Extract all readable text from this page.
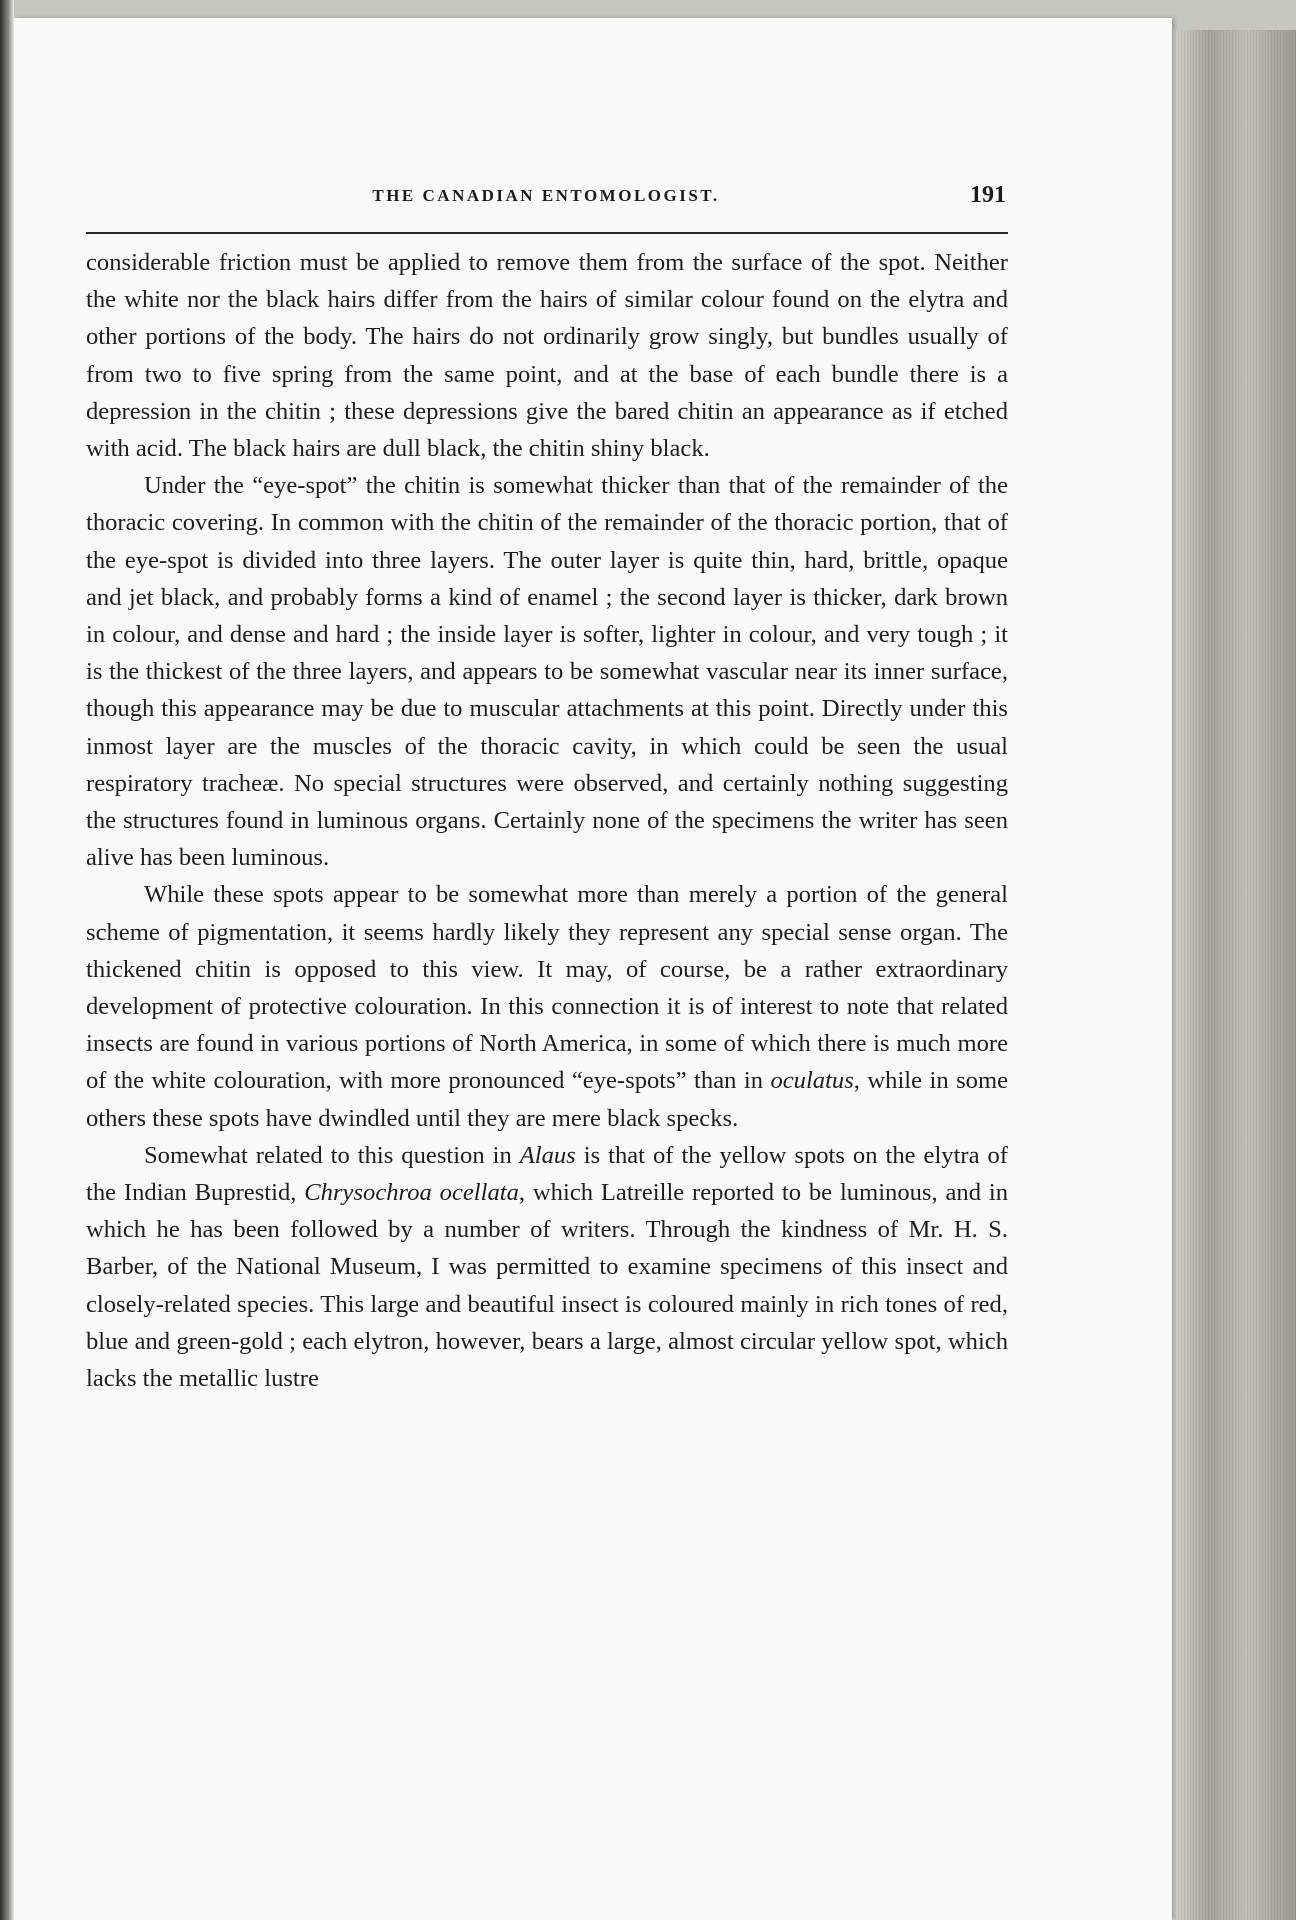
THE CANADIAN ENTOMOLOGIST.	191

considerable friction must be applied to remove them from the surface of the spot. Neither the white nor the black hairs differ from the hairs of similar colour found on the elytra and other portions of the body. The hairs do not ordinarily grow singly, but bundles usually of from two to five spring from the same point, and at the base of each bundle there is a depression in the chitin ; these depressions give the bared chitin an appearance as if etched with acid. The black hairs are dull black, the chitin shiny black.

Under the “eye-spot” the chitin is somewhat thicker than that of the remainder of the thoracic covering. In common with the chitin of the remainder of the thoracic portion, that of the eye-spot is divided into three layers. The outer layer is quite thin, hard, brittle, opaque and jet black, and probably forms a kind of enamel ; the second layer is thicker, dark brown in colour, and dense and hard ; the inside layer is softer, lighter in colour, and very tough ; it is the thickest of the three layers, and appears to be somewhat vascular near its inner surface, though this appearance may be due to muscular attachments at this point. Directly under this inmost layer are the muscles of the thoracic cavity, in which could be seen the usual respiratory tracheæ. No special structures were observed, and certainly nothing suggesting the structures found in luminous organs. Certainly none of the specimens the writer has seen alive has been luminous.

While these spots appear to be somewhat more than merely a portion of the general scheme of pigmentation, it seems hardly likely they represent any special sense organ. The thickened chitin is opposed to this view. It may, of course, be a rather extraordinary development of protective colouration. In this connection it is of interest to note that related insects are found in various portions of North America, in some of which there is much more of the white colouration, with more pronounced “eye-spots” than in oculatus, while in some others these spots have dwindled until they are mere black specks.

Somewhat related to this question in Alaus is that of the yellow spots on the elytra of the Indian Buprestid, Chrysochroa ocellata, which Latreille reported to be luminous, and in which he has been followed by a number of writers. Through the kindness of Mr. H. S. Barber, of the National Museum, I was permitted to examine specimens of this insect and closely-related species. This large and beautiful insect is coloured mainly in rich tones of red, blue and green-gold ; each elytron, however, bears a large, almost circular yellow spot, which lacks the metallic lustre
